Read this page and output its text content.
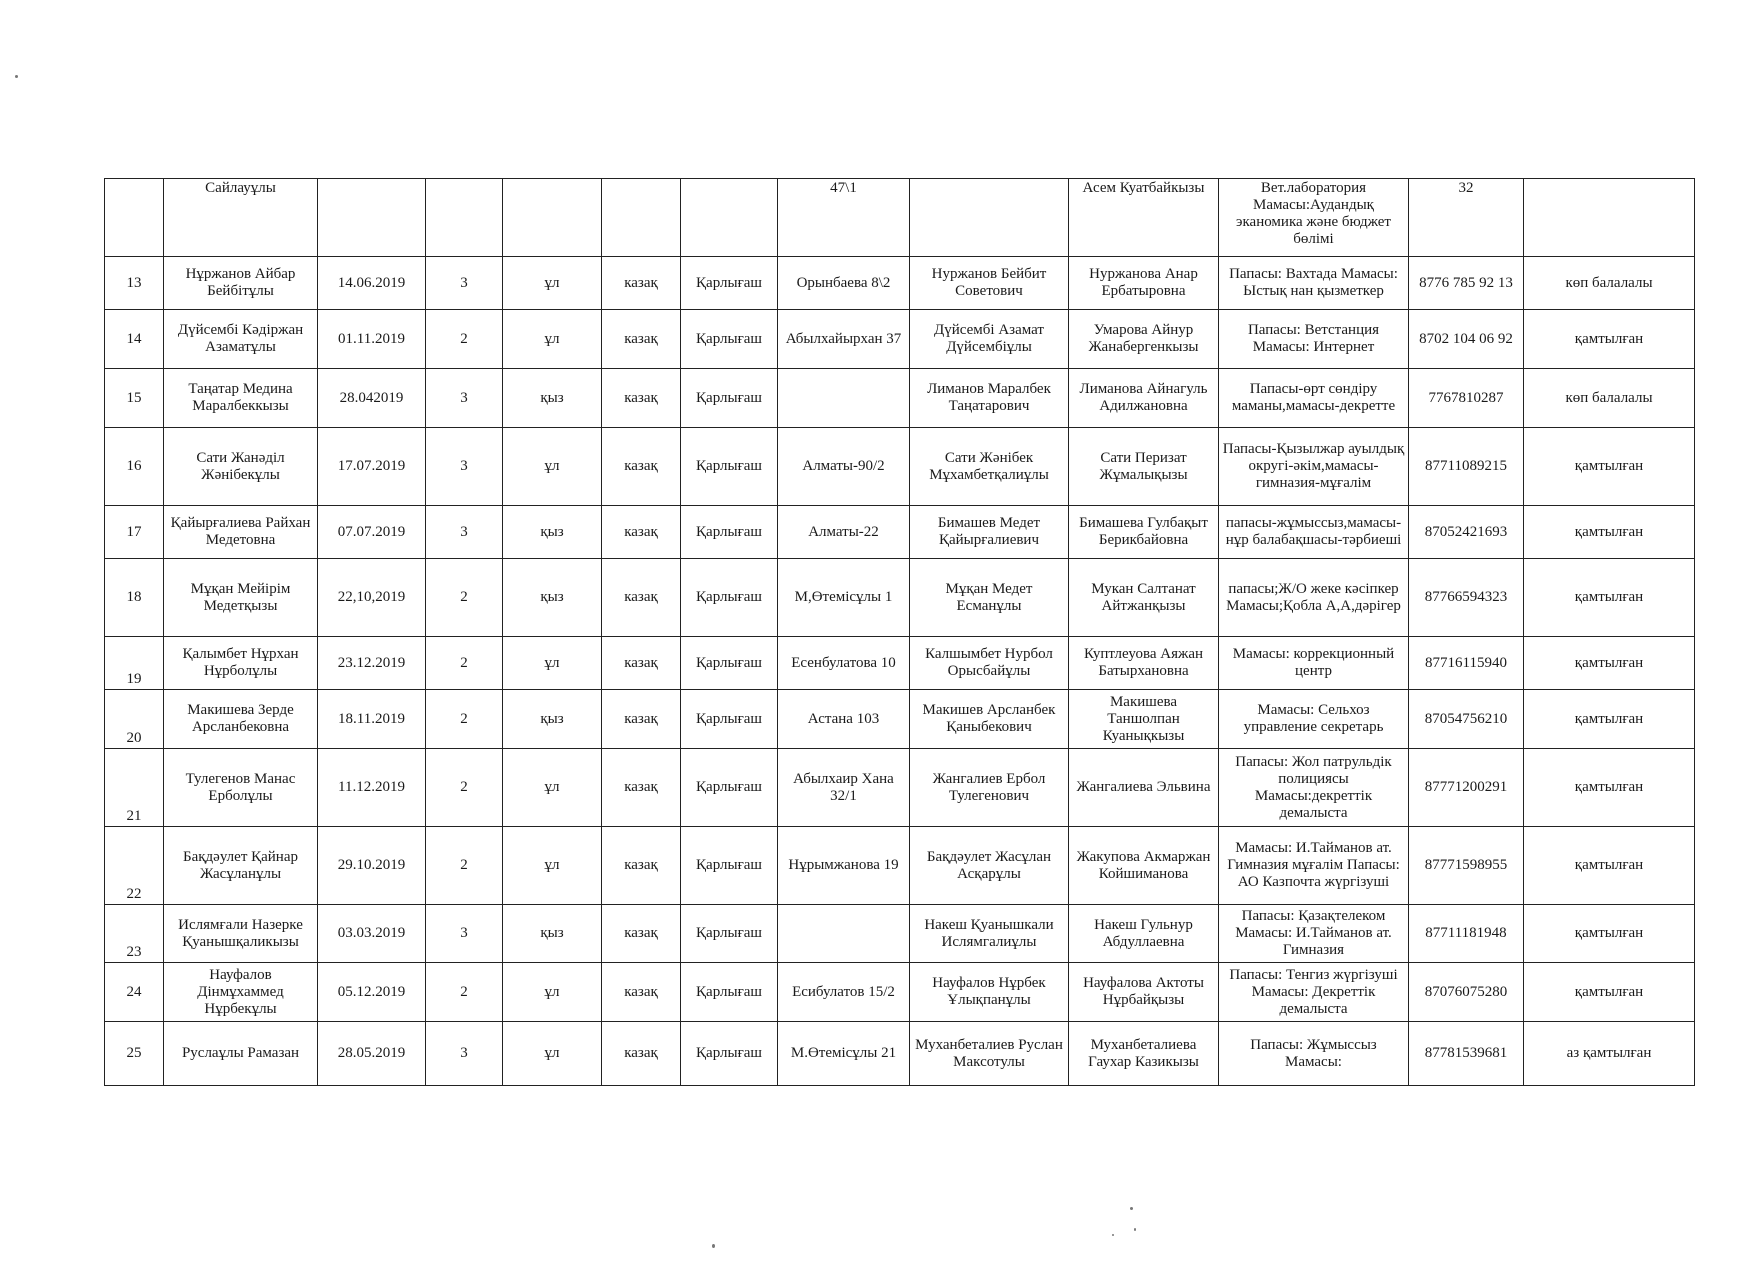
	Сайлауұлы						47\1		Асем Куатбайкызы	Вет.лаборатория Мамасы:Аудандық эканомика және бюджет бөлімі	32	
13	Нұржанов Айбар Бейбітұлы	14.06.2019	3	ұл	казақ	Қарлығаш	Орынбаева 8\2	Нуржанов Бейбит Советович	Нуржанова Анар Ербатыровна	Папасы: Вахтада Мамасы: Ыстық нан қызметкер	8776 785 92 13	көп балалалы
14	Дүйсембі Кәдіржан Азаматұлы	01.11.2019	2	ұл	казақ	Қарлығаш	Абылхайырхан 37	Дүйсембі Азамат Дүйсембіұлы	Умарова Айнур Жанабергенкызы	Папасы: Ветстанция Мамасы: Интернет	8702 104 06 92	қамтылған
15	Таңатар Медина Маралбеккызы	28.042019	3	қыз	казақ	Қарлығаш		Лиманов Маралбек Таңатарович	Лиманова Айнагуль Адилжановна	Папасы-өрт сөндіру маманы,мамасы-декретте	7767810287	көп балалалы
16	Сати Жанәділ Жәнібекұлы	17.07.2019	3	ұл	казақ	Қарлығаш	Алматы-90/2	Сати Жәнібек Мұхамбетқалиұлы	Сати Перизат Жұмалықызы	Папасы-Қызылжар ауылдық округі-әкім,мамасы-гимназия-мұғалім	87711089215	қамтылған
17	Қайырғалиева Райхан Медетовна	07.07.2019	3	қыз	казақ	Қарлығаш	Алматы-22	Бимашев Медет Қайырғалиевич	Бимашева Гулбақыт Берикбайовна	папасы-жұмыссыз,мамасы-нұр балабақшасы-тәрбиеші	87052421693	қамтылған
18	Мұқан Мейірім Медетқызы	22,10,2019	2	қыз	казақ	Қарлығаш	М,Өтемісұлы 1	Мұқан Медет Есманұлы	Мукан Салтанат Айтжанқызы	папасы;Ж/О жеке кәсіпкер Мамасы;Қобла А,А,дәрігер	87766594323	қамтылған
19	Қалымбет Нұрхан Нұрболұлы	23.12.2019	2	ұл	казақ	Қарлығаш	Есенбулатова 10	Калшымбет Нурбол Орысбайұлы	Куптлеуова Аяжан Батырхановна	Мамасы: коррекционный центр	87716115940	қамтылған
20	Макишева Зерде Арсланбековна	18.11.2019	2	қыз	казақ	Қарлығаш	Астана 103	Макишев Арсланбек Қаныбекович	Макишева Таншолпан Куанықкызы	Мамасы: Сельхоз управление секретарь	87054756210	қамтылған
21	Тулегенов Манас Ерболұлы	11.12.2019	2	ұл	казақ	Қарлығаш	Абылхаир Хана 32/1	Жангалиев Ербол Тулегенович	Жангалиева Эльвина	Папасы: Жол патрульдік полициясы Мамасы:декреттік демалыста	87771200291	қамтылған
22	Бақдәулет Қайнар Жасұланұлы	29.10.2019	2	ұл	казақ	Қарлығаш	Нұрымжанова 19	Бақдәулет Жасұлан Асқарұлы	Жакупова Акмаржан Койшиманова	Мамасы: И.Тайманов ат. Гимназия мұғалім Папасы: АО Казпочта жүргізуші	87771598955	қамтылған
23	Ислямғали Назерке Қуанышқаликызы	03.03.2019	3	қыз	казақ	Қарлығаш		Накеш Қуанышкали Ислямгалиұлы	Накеш Гульнур Абдуллаевна	Папасы: Қазақтелеком Мамасы: И.Тайманов ат. Гимназия	87711181948	қамтылған
24	Науфалов Дінмұхаммед Нұрбекұлы	05.12.2019	2	ұл	казақ	Қарлығаш	Есибулатов 15/2	Науфалов Нұрбек Ұлықпанұлы	Науфалова Актоты Нұрбайқызы	Папасы: Тенгиз жүргізуші Мамасы: Декреттік демалыста	87076075280	қамтылған
25	Руслаұлы Рамазан	28.05.2019	3	ұл	казақ	Қарлығаш	М.Өтемісұлы 21	Муханбеталиев Руслан Максотулы	Муханбеталиева Гаухар Казикызы	Папасы: Жұмыссыз Мамасы:	87781539681	аз қамтылған
